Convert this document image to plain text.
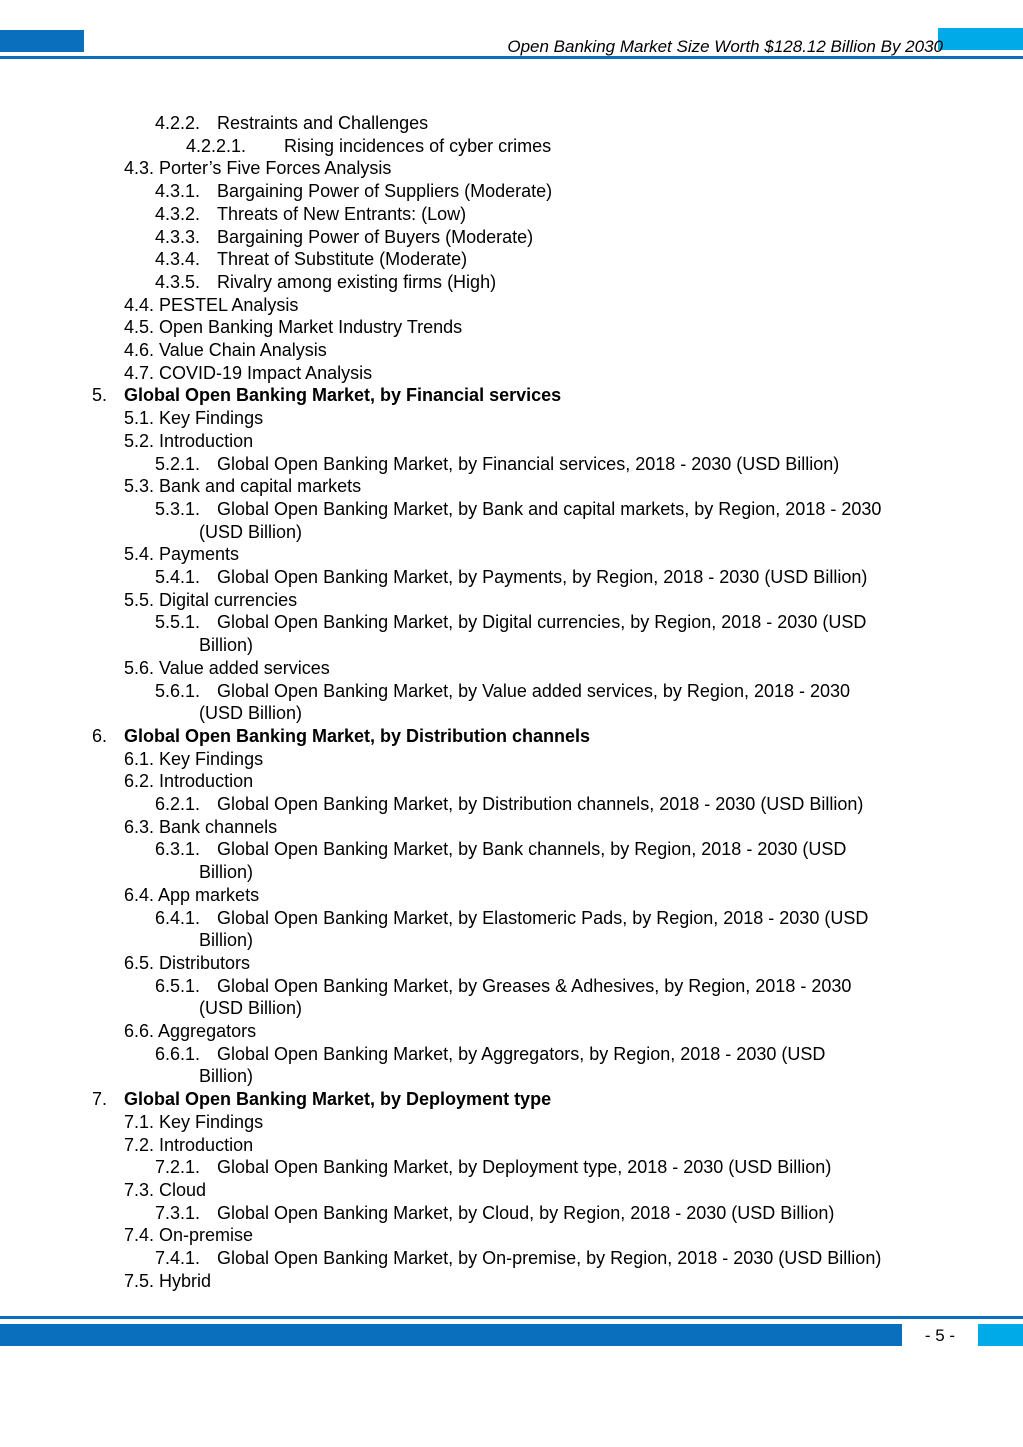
Open Banking Market Size Worth $128.12 Billion By 2030
4.2.2. Restraints and Challenges
4.2.2.1. Rising incidences of cyber crimes
4.3. Porter’s Five Forces Analysis
4.3.1. Bargaining Power of Suppliers (Moderate)
4.3.2. Threats of New Entrants: (Low)
4.3.3. Bargaining Power of Buyers (Moderate)
4.3.4. Threat of Substitute (Moderate)
4.3.5. Rivalry among existing firms (High)
4.4. PESTEL Analysis
4.5. Open Banking Market Industry Trends
4.6. Value Chain Analysis
4.7. COVID-19 Impact Analysis
5. Global Open Banking Market, by Financial services
5.1. Key Findings
5.2. Introduction
5.2.1. Global Open Banking Market, by Financial services, 2018 - 2030 (USD Billion)
5.3. Bank and capital markets
5.3.1. Global Open Banking Market, by Bank and capital markets, by Region, 2018 - 2030
(USD Billion)
5.4. Payments
5.4.1. Global Open Banking Market, by Payments, by Region, 2018 - 2030 (USD Billion)
5.5. Digital currencies
5.5.1. Global Open Banking Market, by Digital currencies, by Region, 2018 - 2030 (USD
Billion)
5.6. Value added services
5.6.1. Global Open Banking Market, by Value added services, by Region, 2018 - 2030
(USD Billion)
6. Global Open Banking Market, by Distribution channels
6.1. Key Findings
6.2. Introduction
6.2.1. Global Open Banking Market, by Distribution channels, 2018 - 2030 (USD Billion)
6.3. Bank channels
6.3.1. Global Open Banking Market, by Bank channels, by Region, 2018 - 2030 (USD
Billion)
6.4. App markets
6.4.1. Global Open Banking Market, by Elastomeric Pads, by Region, 2018 - 2030 (USD
Billion)
6.5. Distributors
6.5.1. Global Open Banking Market, by Greases & Adhesives, by Region, 2018 - 2030
(USD Billion)
6.6. Aggregators
6.6.1. Global Open Banking Market, by Aggregators, by Region, 2018 - 2030 (USD
Billion)
7. Global Open Banking Market, by Deployment type
7.1. Key Findings
7.2. Introduction
7.2.1. Global Open Banking Market, by Deployment type, 2018 - 2030 (USD Billion)
7.3. Cloud
7.3.1. Global Open Banking Market, by Cloud, by Region, 2018 - 2030 (USD Billion)
7.4. On-premise
7.4.1. Global Open Banking Market, by On-premise, by Region, 2018 - 2030 (USD Billion)
7.5. Hybrid
- 5 -
